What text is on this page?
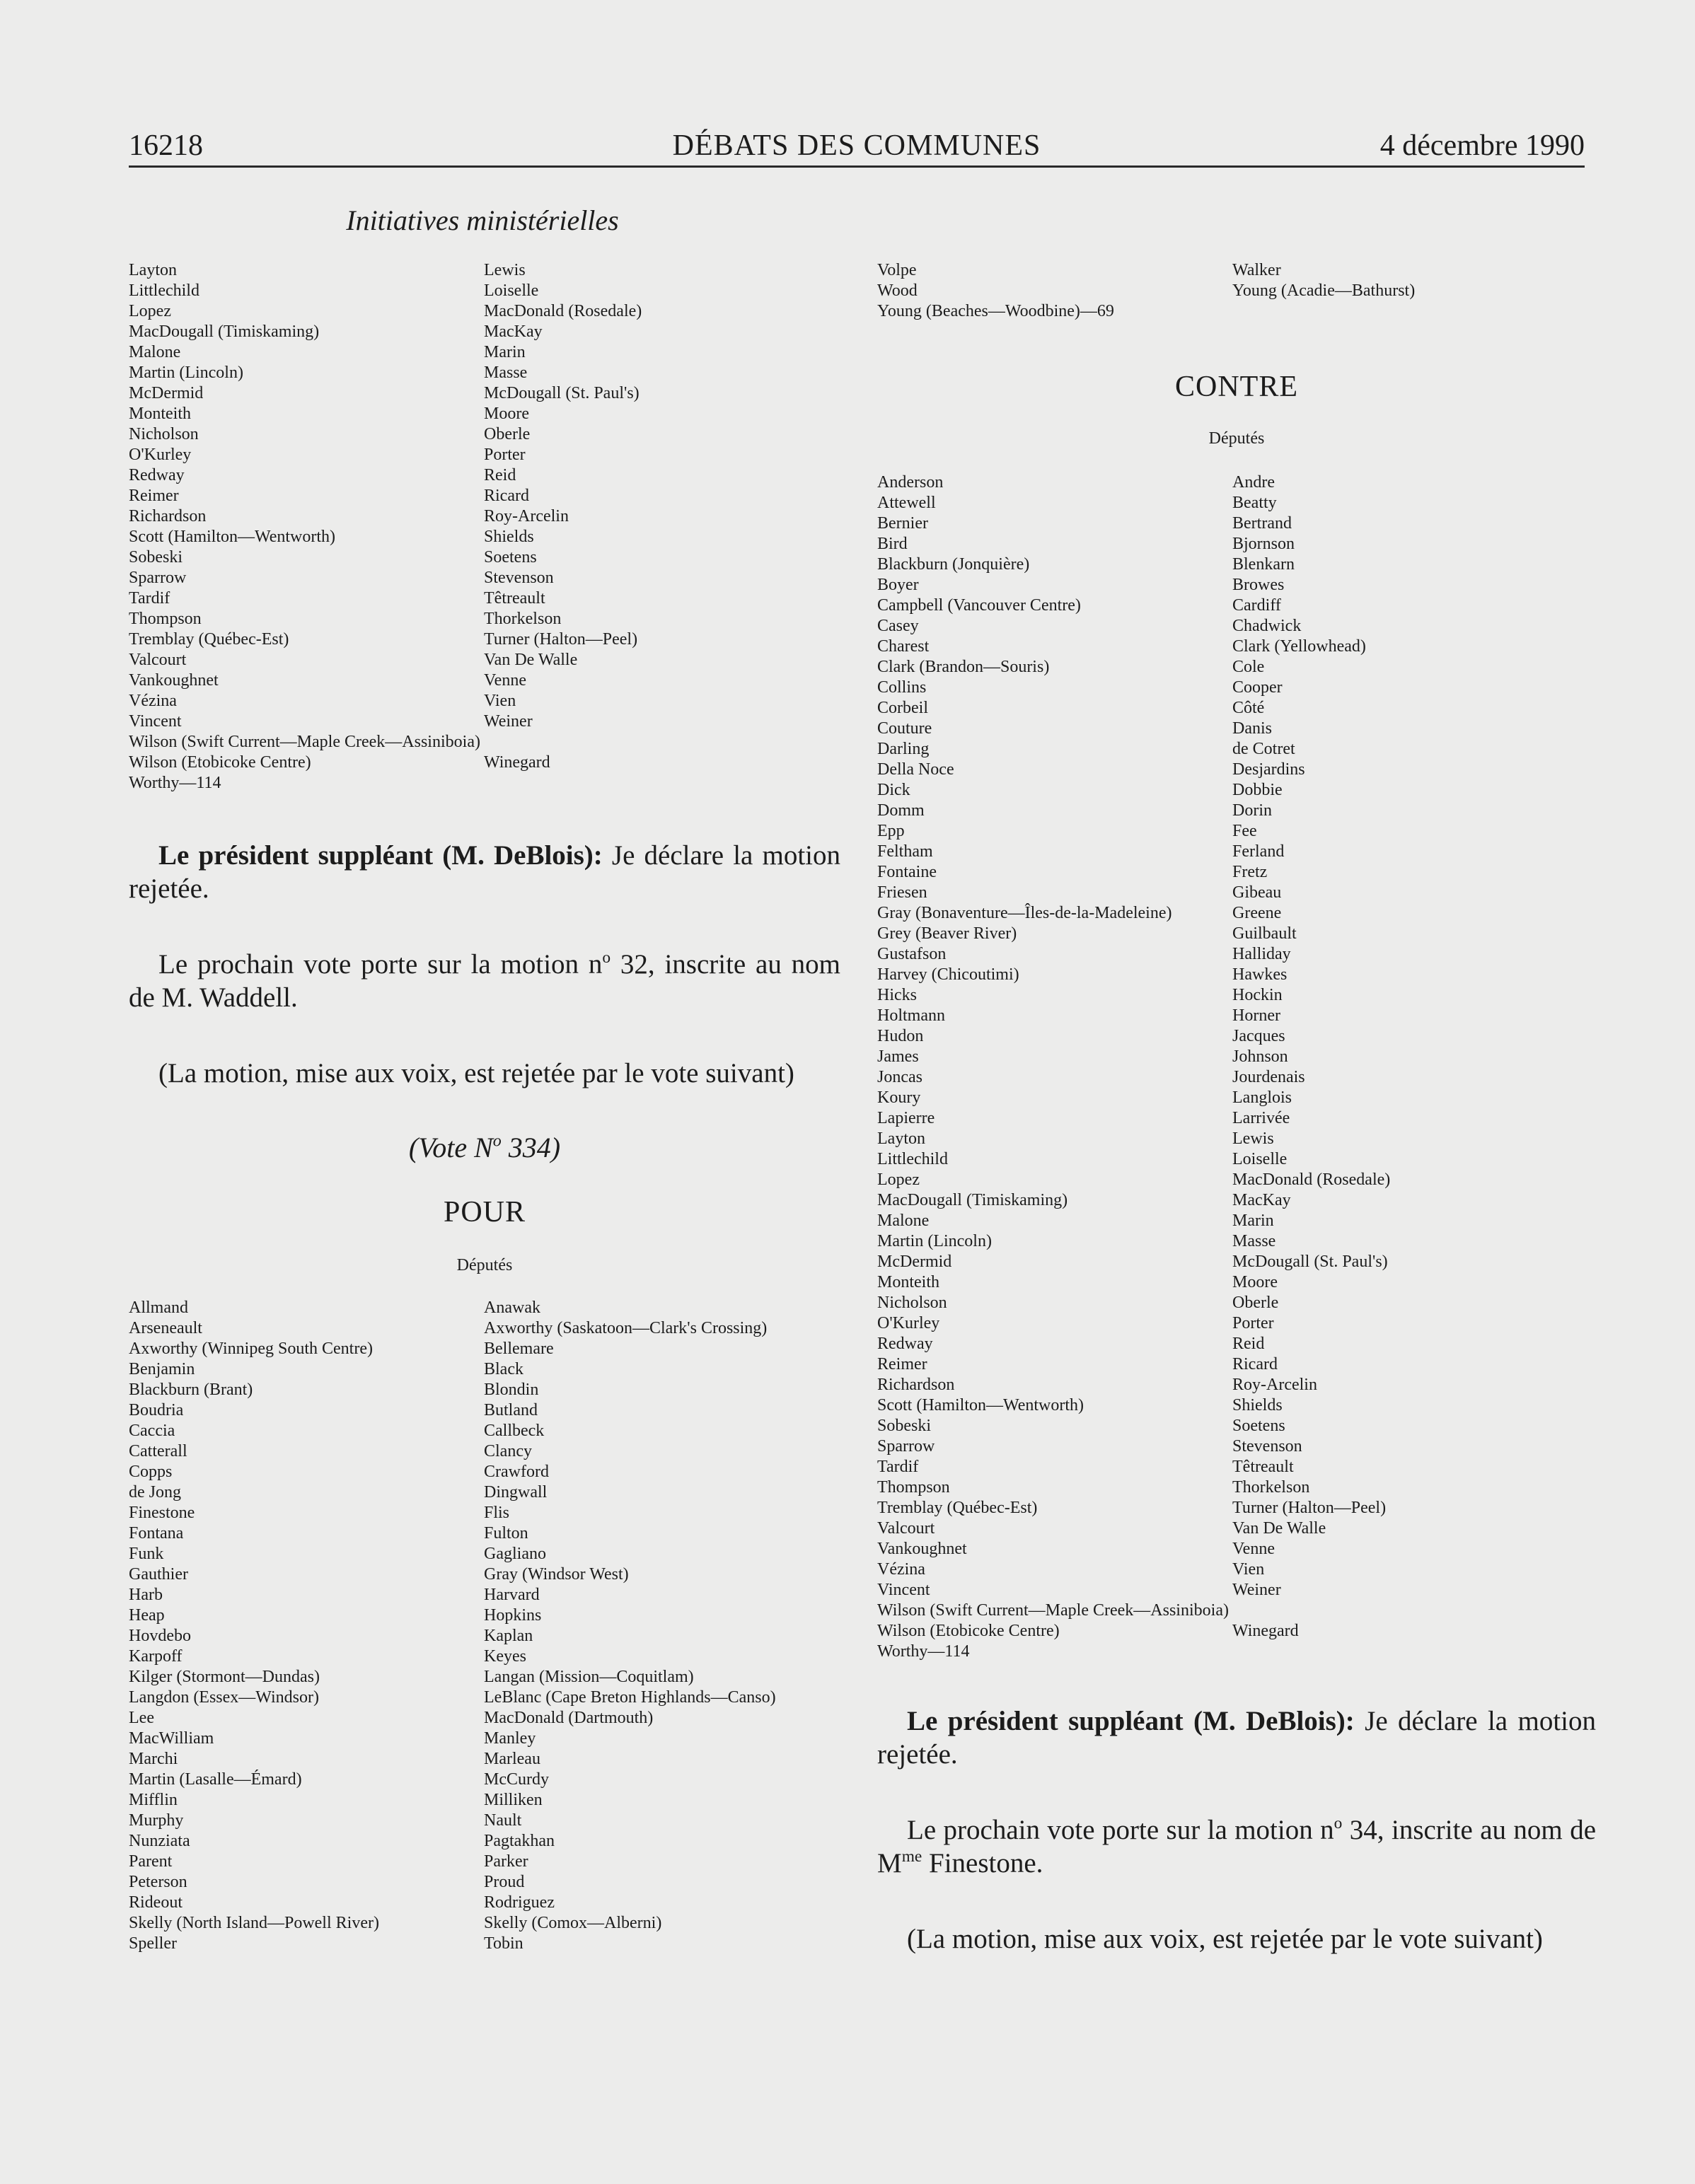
16218	DÉBATS DES COMMUNES	4 décembre 1990
Initiatives ministérielles
Layton
Littlechild
Lopez
MacDougall (Timiskaming)
Malone
Martin (Lincoln)
McDermid
Monteith
Nicholson
O'Kurley
Redway
Reimer
Richardson
Scott (Hamilton—Wentworth)
Sobeski
Sparrow
Tardif
Thompson
Tremblay (Québec-Est)
Valcourt
Vankoughnet
Vézina
Vincent
Wilson (Swift Current—Maple Creek—Assiniboia)
Wilson (Etobicoke Centre)
Worthy—114
Lewis
Loiselle
MacDonald (Rosedale)
MacKay
Marin
Masse
McDougall (St. Paul's)
Moore
Oberle
Porter
Reid
Ricard
Roy-Arcelin
Shields
Soetens
Stevenson
Têtreault
Thorkelson
Turner (Halton—Peel)
Van De Walle
Venne
Vien
Weiner

Winegard

Le président suppléant (M. DeBlois): Je déclare la motion rejetée.

Le prochain vote porte sur la motion $n^o$ 32, inscrite au nom de M. Waddell.

(La motion, mise aux voix, est rejetée par le vote suivant)

(Vote $N^o$ 334)

POUR

Députés

Allmand
Arseneault
Axworthy (Winnipeg South Centre)
Benjamin
Blackburn (Brant)
Boudria
Caccia
Catterall
Copps
de Jong
Finestone
Fontana
Funk
Gauthier
Harb
Heap
Hovdebo
Karpoff
Kilger (Stormont—Dundas)
Langdon (Essex—Windsor)
Lee
MacWilliam
Marchi
Martin (Lasalle—Émard)
Mifflin
Murphy
Nunziata
Parent
Peterson
Rideout
Skelly (North Island—Powell River)
Speller
Anawak
Axworthy (Saskatoon—Clark's Crossing)
Bellemare
Black
Blondin
Butland
Callbeck
Clancy
Crawford
Dingwall
Flis
Fulton
Gagliano
Gray (Windsor West)
Harvard
Hopkins
Kaplan
Keyes
Langan (Mission—Coquitlam)
LeBlanc (Cape Breton Highlands—Canso)
MacDonald (Dartmouth)
Manley
Marleau
McCurdy
Milliken
Nault
Pagtakhan
Parker
Proud
Rodriguez
Skelly (Comox—Alberni)
Tobin
Volpe
Wood
Young (Beaches—Woodbine)—69
Walker
Young (Acadie—Bathurst)

CONTRE

Députés

Anderson
Attewell
Bernier
Bird
Blackburn (Jonquière)
Boyer
Campbell (Vancouver Centre)
Casey
Charest
Clark (Brandon—Souris)
Collins
Corbeil
Couture
Darling
Della Noce
Dick
Domm
Epp
Feltham
Fontaine
Friesen
Gray (Bonaventure—Îles-de-la-Madeleine)
Grey (Beaver River)
Gustafson
Harvey (Chicoutimi)
Hicks
Holtmann
Hudon
James
Joncas
Koury
Lapierre
Layton
Littlechild
Lopez
MacDougall (Timiskaming)
Malone
Martin (Lincoln)
McDermid
Monteith
Nicholson
O'Kurley
Redway
Reimer
Richardson
Scott (Hamilton—Wentworth)
Sobeski
Sparrow
Tardif
Thompson
Tremblay (Québec-Est)
Valcourt
Vankoughnet
Vézina
Vincent
Wilson (Swift Current—Maple Creek—Assiniboia)
Wilson (Etobicoke Centre)
Worthy—114
Andre
Beatty
Bertrand
Bjornson
Blenkarn
Browes
Cardiff
Chadwick
Clark (Yellowhead)
Cole
Cooper
Côté
Danis
de Cotret
Desjardins
Dobbie
Dorin
Fee
Ferland
Fretz
Gibeau
Greene
Guilbault
Halliday
Hawkes
Hockin
Horner
Jacques
Johnson
Jourdenais
Langlois
Larrivée
Lewis
Loiselle
MacDonald (Rosedale)
MacKay
Marin
Masse
McDougall (St. Paul's)
Moore
Oberle
Porter
Reid
Ricard
Roy-Arcelin
Shields
Soetens
Stevenson
Têtreault
Thorkelson
Turner (Halton—Peel)
Van De Walle
Venne
Vien
Weiner

Winegard

Le président suppléant (M. DeBlois): Je déclare la motion rejetée.

Le prochain vote porte sur la motion $n^o$ 34, inscrite au nom de $M^{me}$ Finestone.

(La motion, mise aux voix, est rejetée par le vote suivant)
